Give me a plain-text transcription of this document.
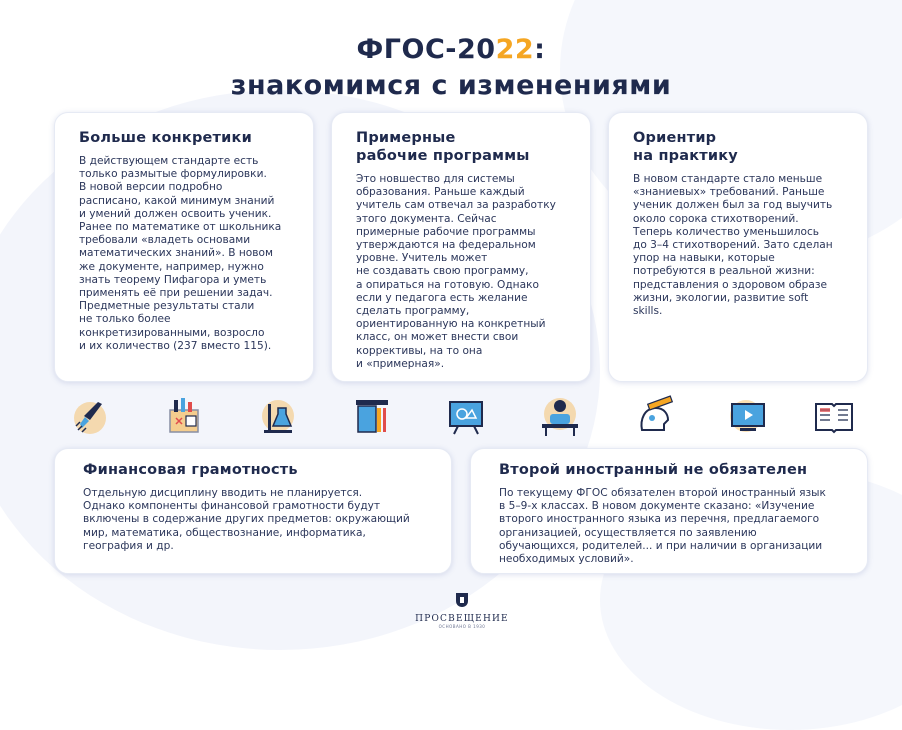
ФГОС-2022:
знакомимся с изменениями
Больше конкретики

В действующем стандарте есть
только размытые формулировки.
В новой версии подробно
расписано, какой минимум знаний
и умений должен освоить ученик.
Ранее по математике от школьника
требовали «владеть основами
математических знаний». В новом
же документе, например, нужно
знать теорему Пифагора и уметь
применять её при решении задач.
Предметные результаты стали
не только более
конкретизированными, возросло
и их количество (237 вместо 115).

Примерные
рабочие программы

Это новшество для системы
образования. Раньше каждый
учитель сам отвечал за разработку
этого документа. Сейчас
примерные рабочие программы
утверждаются на федеральном
уровне. Учитель может
не создавать свою программу,
а опираться на готовую. Однако
если у педагога есть желание
сделать программу,
ориентированную на конкретный
класс, он может внести свои
коррективы, на то она
и «примерная».

Ориентир
на практику

В новом стандарте стало меньше
«знаниевых» требований. Раньше
ученик должен был за год выучить
около сорока стихотворений.
Теперь количество уменьшилось
до 3–4 стихотворений. Зато сделан
упор на навыки, которые
потребуются в реальной жизни:
представления о здоровом образе
жизни, экологии, развитие soft
skills.

Финансовая грамотность

Отдельную дисциплину вводить не планируется.
Однако компоненты финансовой грамотности будут
включены в содержание других предметов: окружающий
мир, математика, обществознание, информатика,
география и др.

Второй иностранный не обязателен

По текущему ФГОС обязателен второй иностранный язык
в 5–9-х классах. В новом документе сказано: «Изучение
второго иностранного языка из перечня, предлагаемого
организацией, осуществляется по заявлению
обучающихся, родителей... и при наличии в организации
необходимых условий».

ПРОСВЕЩЕНИЕ
ОСНОВАНО В 1930
